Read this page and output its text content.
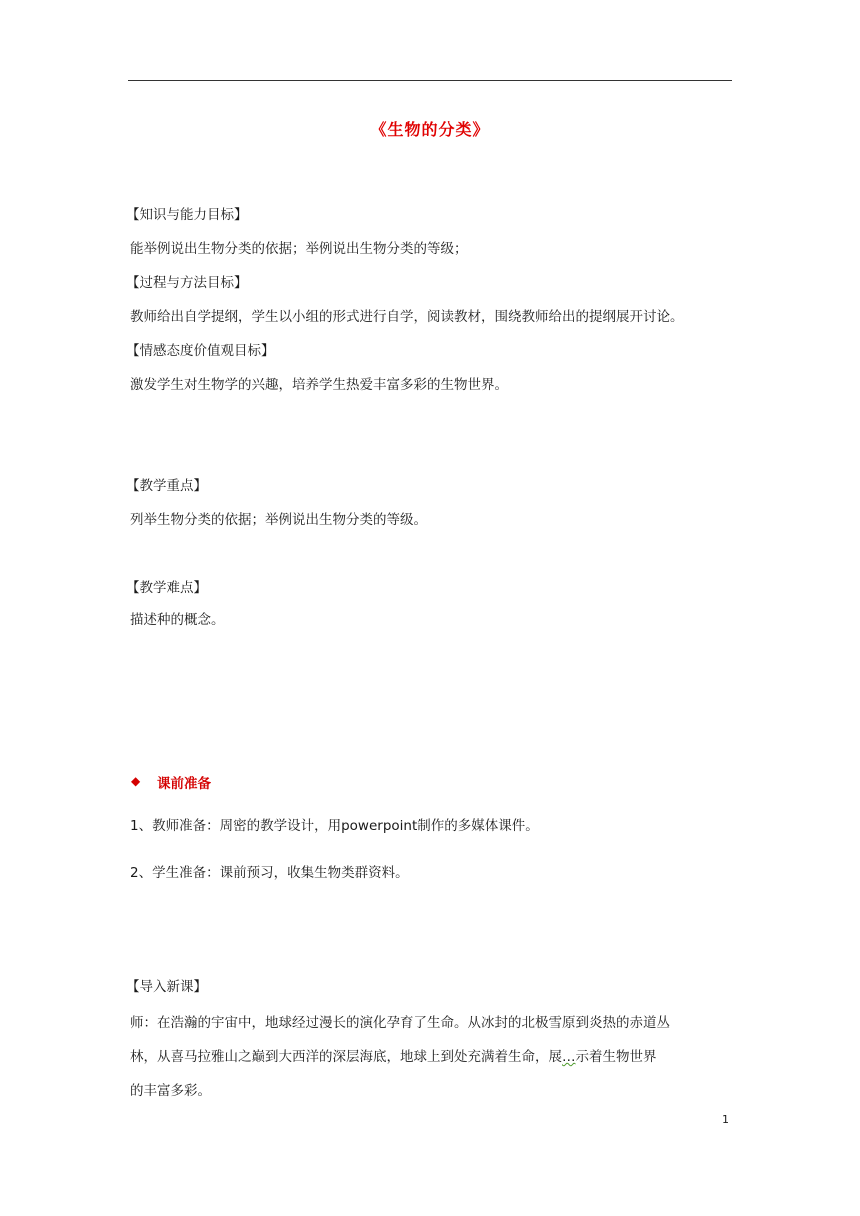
《生物的分类》
【知识与能力目标】
能举例说出生物分类的依据；举例说出生物分类的等级；
【过程与方法目标】
教师给出自学提纲，学生以小组的形式进行自学，阅读教材，围绕教师给出的提纲展开讨论。
【情感态度价值观目标】
激发学生对生物学的兴趣，培养学生热爱丰富多彩的生物世界。
【教学重点】
列举生物分类的依据；举例说出生物分类的等级。
【教学难点】
描述种的概念。
◆ 课前准备
1、教师准备：周密的教学设计，用powerpoint制作的多媒体课件。
2、学生准备：课前预习，收集生物类群资料。
【导入新课】
师：在浩瀚的宇宙中，地球经过漫长的演化孕育了生命。从冰封的北极雪原到炎热的赤道丛
林，从喜马拉雅山之巅到大西洋的深层海底，地球上到处充满着生命，展…示着生物世界
的丰富多彩。
1
